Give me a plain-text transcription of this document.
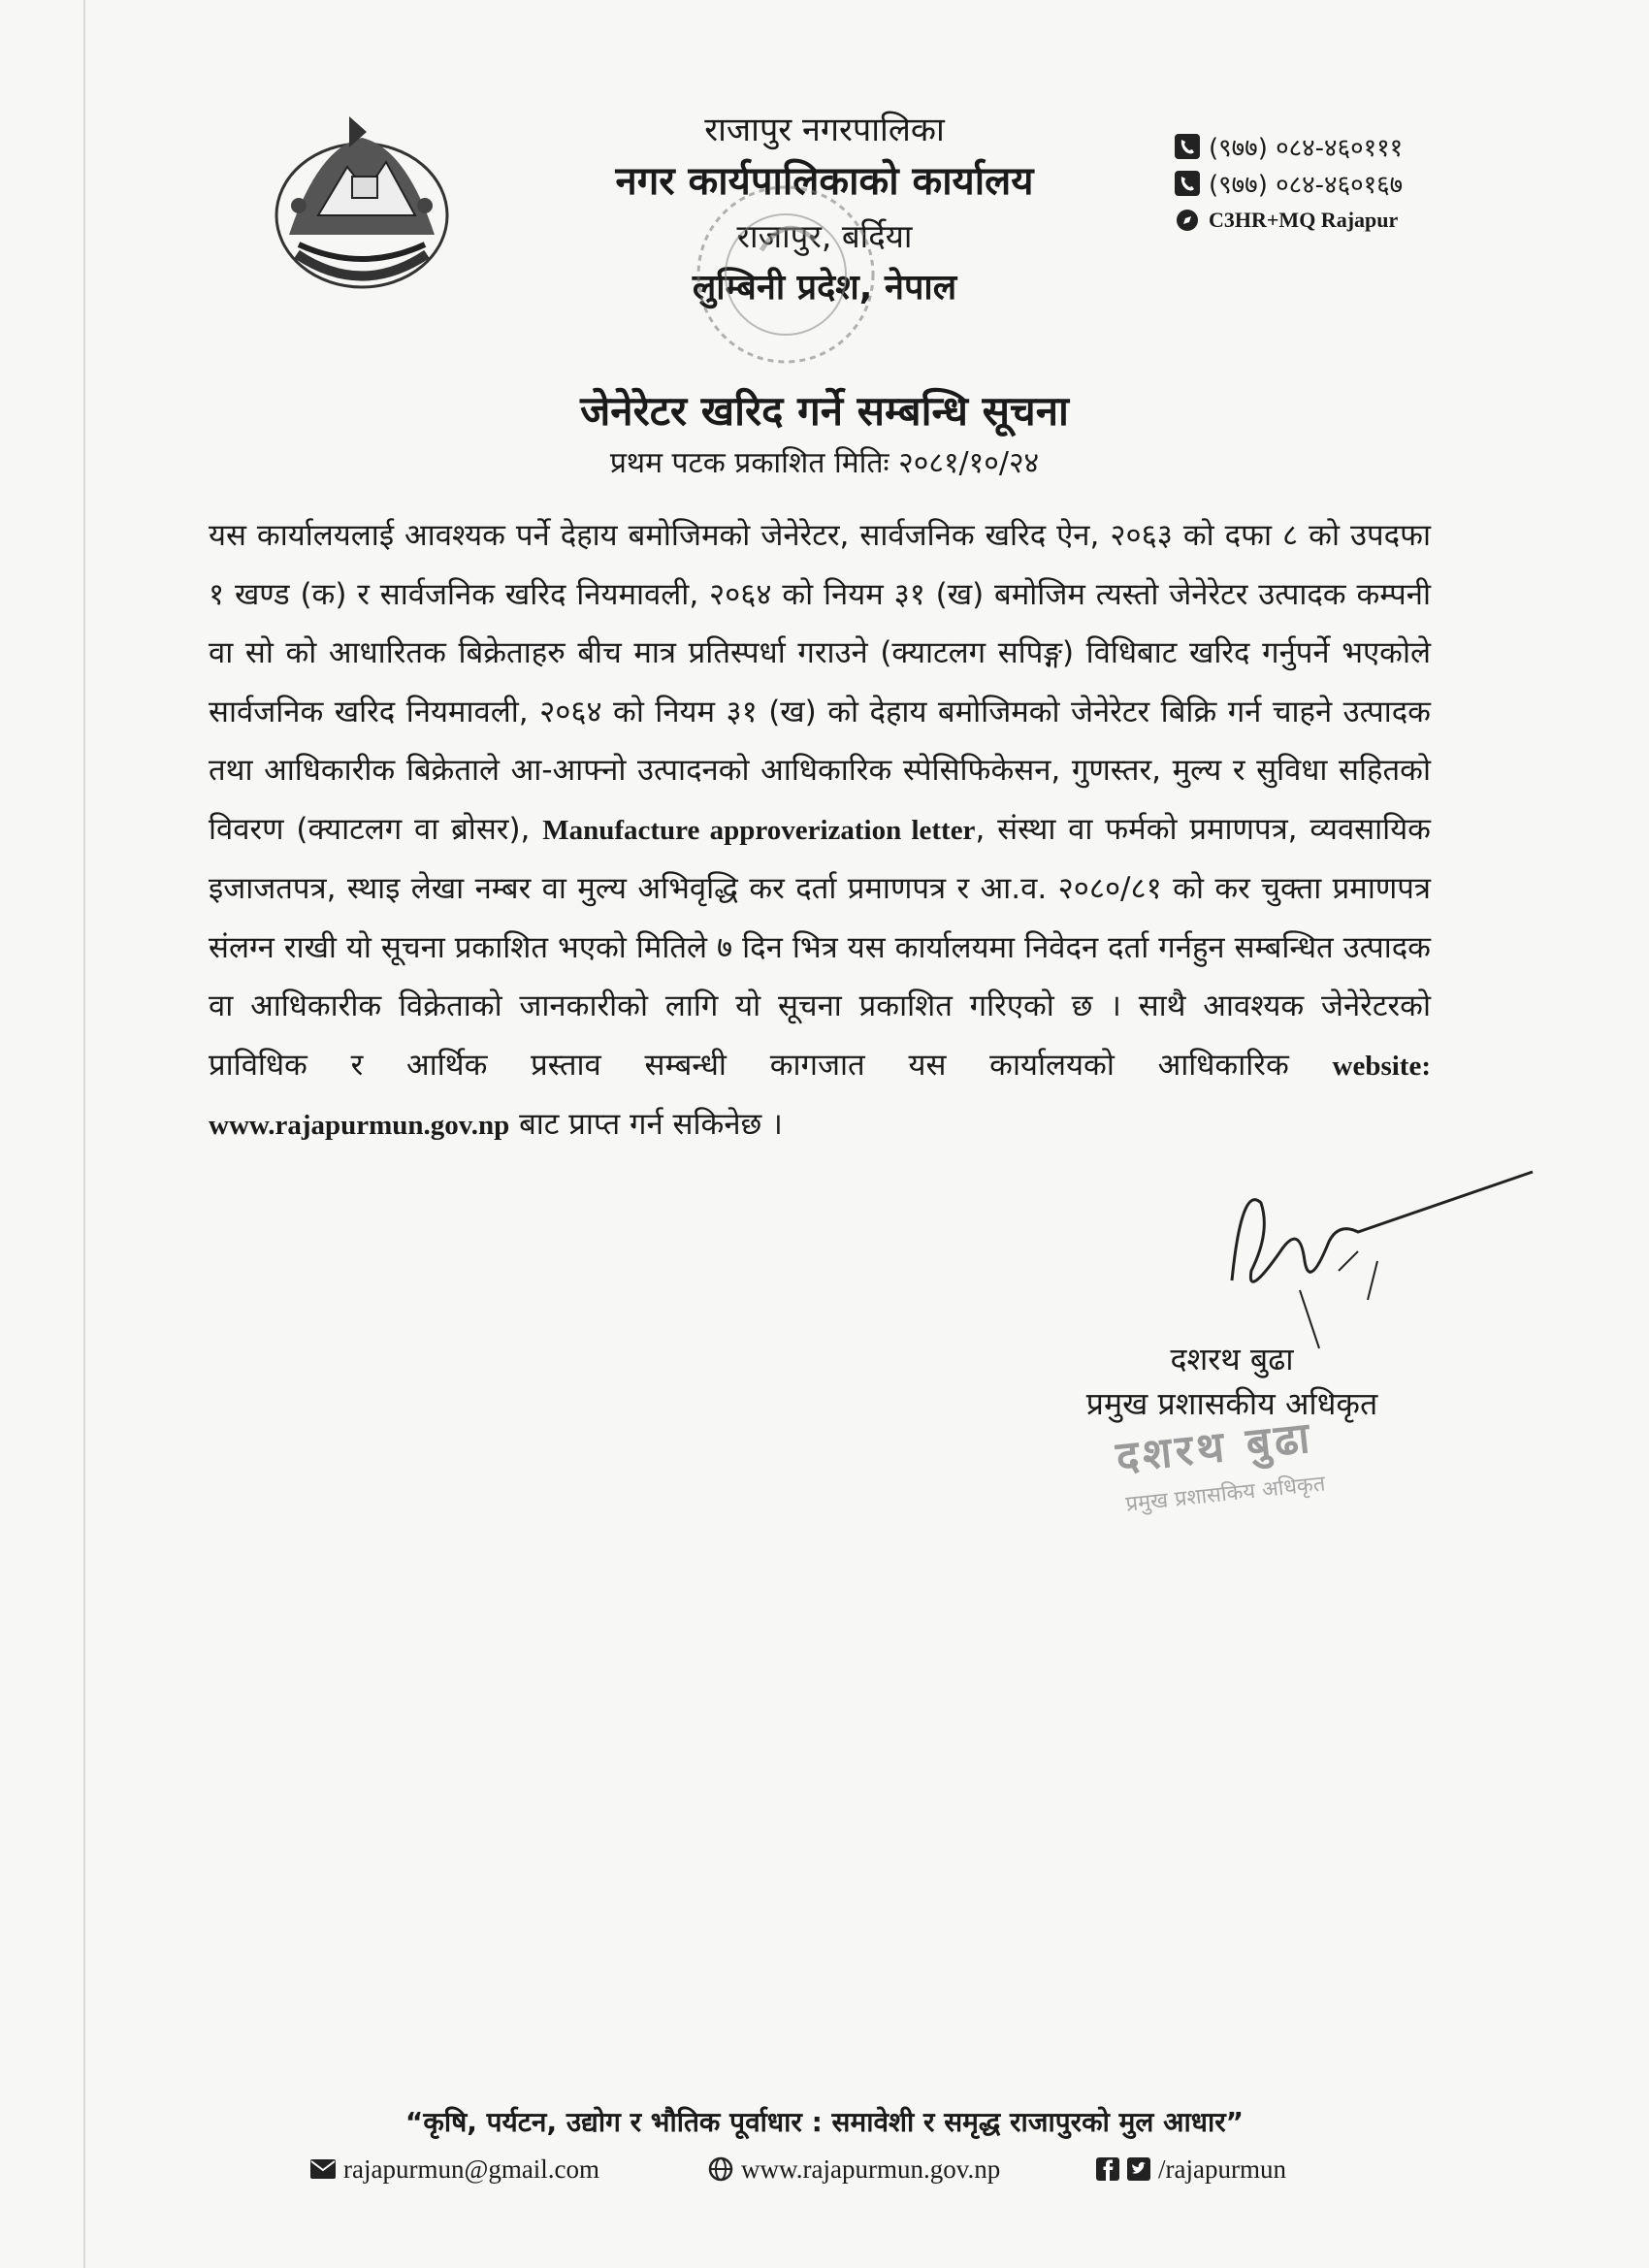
राजापुर नगरपालिका
नगर कार्यपालिकाको कार्यालय
राजापुर, बर्दिया
लुम्बिनी प्रदेश, नेपाल
(९७७) ०८४-४६०१११
(९७७) ०८४-४६०१६७
C3HR+MQ Rajapur
जेनेरेटर खरिद गर्ने सम्बन्धि सूचना
प्रथम पटक प्रकाशित मितिः २०८१/१०/२४
यस कार्यालयलाई आवश्यक पर्ने देहाय बमोजिमको जेनेरेटर, सार्वजनिक खरिद ऐन, २०६३ को दफा ८ को उपदफा १ खण्ड (क) र सार्वजनिक खरिद नियमावली, २०६४ को नियम ३१ (ख) बमोजिम त्यस्तो जेनेरेटर उत्पादक कम्पनी वा सो को आधारितक बिक्रेताहरु बीच मात्र प्रतिस्पर्धा गराउने (क्याटलग सपिङ्ग) विधिबाट खरिद गर्नुपर्ने भएकोले सार्वजनिक खरिद नियमावली, २०६४ को नियम ३१ (ख) को देहाय बमोजिमको जेनेरेटर बिक्रि गर्न चाहने उत्पादक तथा आधिकारीक बिक्रेताले आ-आफ्नो उत्पादनको आधिकारिक स्पेसिफिकेसन, गुणस्तर, मुल्य र सुविधा सहितको विवरण (क्याटलग वा ब्रोसर), Manufacture approverization letter, संस्था वा फर्मको प्रमाणपत्र, व्यवसायिक इजाजतपत्र, स्थाइ लेखा नम्बर वा मुल्य अभिवृद्धि कर दर्ता प्रमाणपत्र र आ.व. २०८०/८१ को कर चुक्ता प्रमाणपत्र संलग्न राखी यो सूचना प्रकाशित भएको मितिले ७ दिन भित्र यस कार्यालयमा निवेदन दर्ता गर्नहुन सम्बन्धित उत्पादक वा आधिकारीक विक्रेताको जानकारीको लागि यो सूचना प्रकाशित गरिएको छ । साथै आवश्यक जेनेरेटरको प्राविधिक र आर्थिक प्रस्ताव सम्बन्धी कागजात यस कार्यालयको आधिकारिक website: www.rajapurmun.gov.np बाट प्राप्त गर्न सकिनेछ ।
दशरथ बुढा
प्रमुख प्रशासकीय अधिकृत
दशरथ बुढा
प्रमुख प्रशासकिय अधिकृत
“कृषि, पर्यटन, उद्योग र भौतिक पूर्वाधार : समावेशी र समृद्ध राजापुरको मुल आधार”
rajapurmun@gmail.com	www.rajapurmun.gov.np	/rajapurmun
